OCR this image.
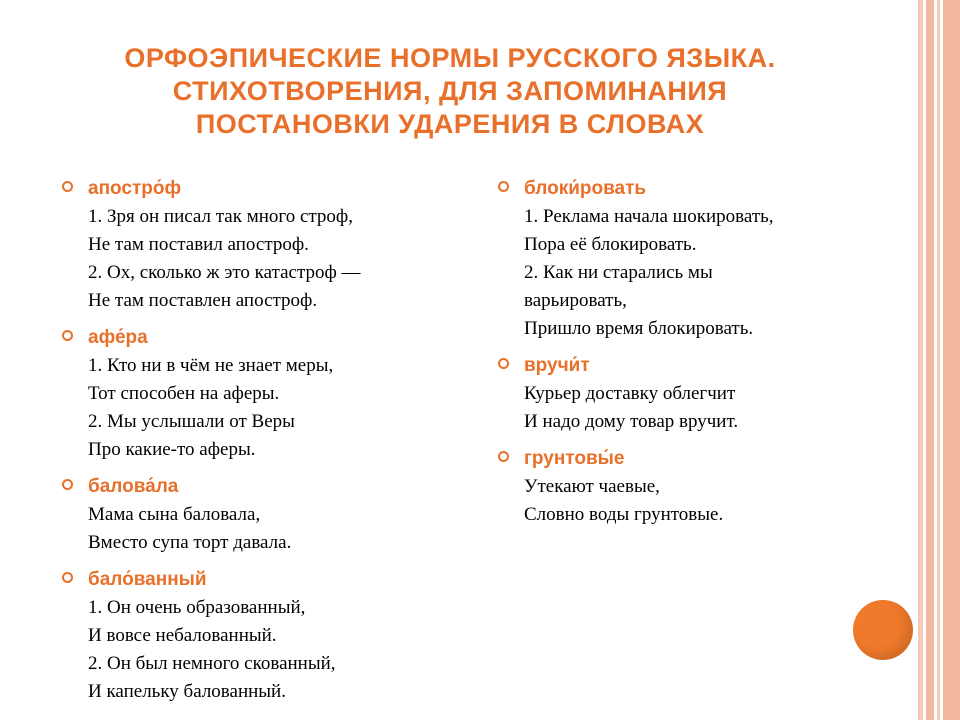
ОРФОЭПИЧЕСКИЕ НОРМЫ РУССКОГО ЯЗЫКА.
СТИХОТВОРЕНИЯ, ДЛЯ ЗАПОМИНАНИЯ
ПОСТАНОВКИ УДАРЕНИЯ В СЛОВАХ
апостро́ф
1. Зря он писал так много строф,
Не там поставил апостроф.
2. Ох, сколько ж это катастроф —
Не там поставлен апостроф.
афе́ра
1. Кто ни в чём не знает меры,
Тот способен на аферы.
2. Мы услышали от Веры
Про какие-то аферы.
балова́ла
Мама сына баловала,
Вместо супа торт давала.
бало́ванный
1. Он очень образованный,
И вовсе небалованный.
2. Он был немного скованный,
И капельку балованный.
блоки́ровать
1. Реклама начала шокировать,
Пора её блокировать.
2. Как ни старались мы
варьировать,
Пришло время блокировать.
вручи́т
Курьер доставку облегчит
И надо дому товар вручит.
грунтовы́е
Утекают чаевые,
Словно воды грунтовые.
